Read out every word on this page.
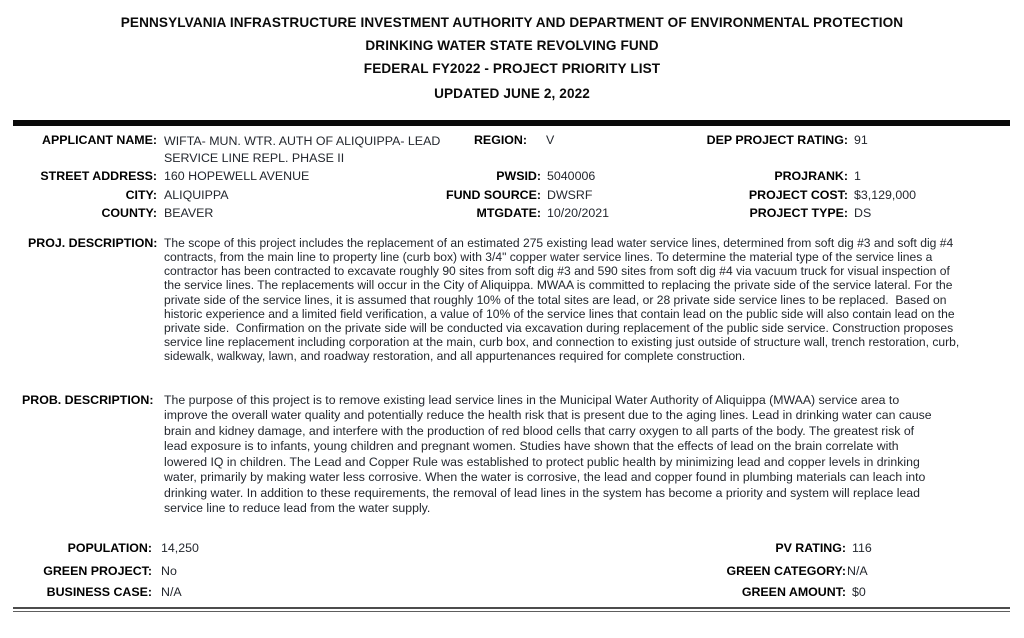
PENNSYLVANIA INFRASTRUCTURE INVESTMENT AUTHORITY AND DEPARTMENT OF ENVIRONMENTAL PROTECTION
DRINKING WATER STATE REVOLVING FUND
FEDERAL FY2022 - PROJECT PRIORITY LIST
UPDATED JUNE 2, 2022
APPLICANT NAME: WIFTA- MUN. WTR. AUTH OF ALIQUIPPA- LEAD SERVICE LINE REPL. PHASE II
STREET ADDRESS: 160 HOPEWELL AVENUE
CITY: ALIQUIPPA
COUNTY: BEAVER
REGION: V
PWSID: 5040006
FUND SOURCE: DWSRF
MTGDATE: 10/20/2021
DEP PROJECT RATING: 91
PROJRANK: 1
PROJECT COST: $3,129,000
PROJECT TYPE: DS
PROJ. DESCRIPTION: The scope of this project includes the replacement of an estimated 275 existing lead water service lines, determined from soft dig #3 and soft dig #4 contracts, from the main line to property line (curb box) with 3/4" copper water service lines. To determine the material type of the service lines a contractor has been contracted to excavate roughly 90 sites from soft dig #3 and 590 sites from soft dig #4 via vacuum truck for visual inspection of the service lines. The replacements will occur in the City of Aliquippa. MWAA is committed to replacing the private side of the service lateral. For the private side of the service lines, it is assumed that roughly 10% of the total sites are lead, or 28 private side service lines to be replaced.  Based on historic experience and a limited field verification, a value of 10% of the service lines that contain lead on the public side will also contain lead on the private side.  Confirmation on the private side will be conducted via excavation during replacement of the public side service. Construction proposes service line replacement including corporation at the main, curb box, and connection to existing just outside of structure wall, trench restoration, curb, sidewalk, walkway, lawn, and roadway restoration, and all appurtenances required for complete construction.
PROB. DESCRIPTION: The purpose of this project is to remove existing lead service lines in the Municipal Water Authority of Aliquippa (MWAA) service area to improve the overall water quality and potentially reduce the health risk that is present due to the aging lines. Lead in drinking water can cause brain and kidney damage, and interfere with the production of red blood cells that carry oxygen to all parts of the body. The greatest risk of lead exposure is to infants, young children and pregnant women. Studies have shown that the effects of lead on the brain correlate with lowered IQ in children. The Lead and Copper Rule was established to protect public health by minimizing lead and copper levels in drinking water, primarily by making water less corrosive. When the water is corrosive, the lead and copper found in plumbing materials can leach into drinking water. In addition to these requirements, the removal of lead lines in the system has become a priority and system will replace lead service line to reduce lead from the water supply.
POPULATION: 14,250
GREEN PROJECT: No
BUSINESS CASE: N/A
PV RATING: 116
GREEN CATEGORY: N/A
GREEN AMOUNT: $0
